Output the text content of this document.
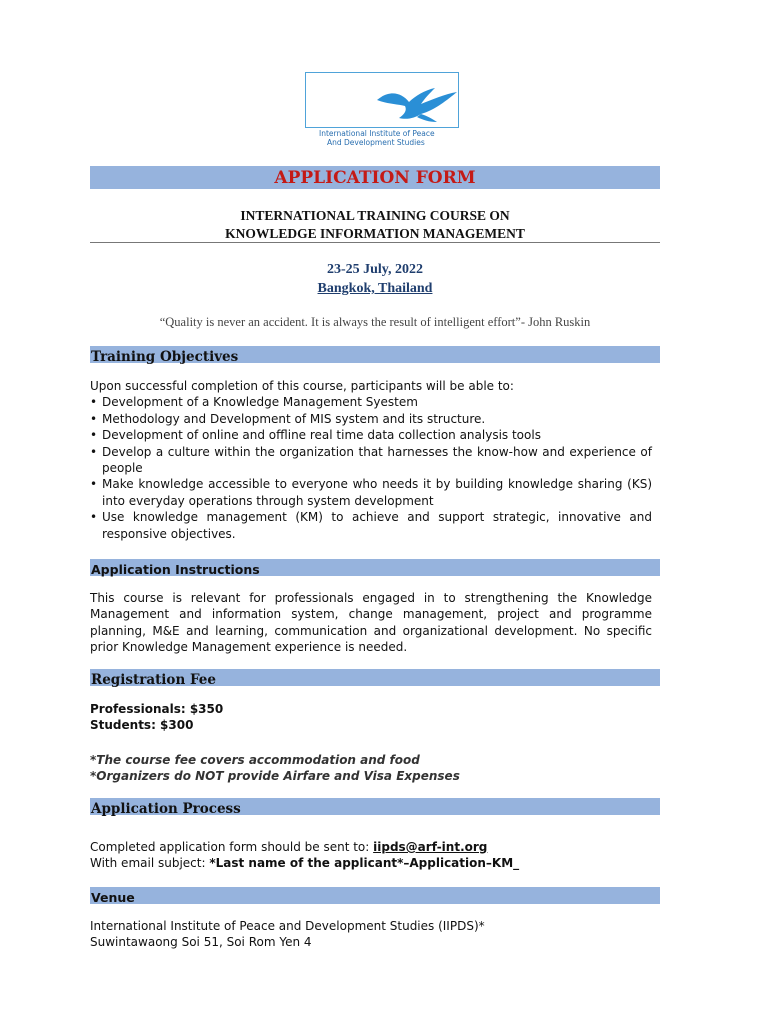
International Institute of Peace
And Development Studies
APPLICATION FORM
INTERNATIONAL TRAINING COURSE ON
KNOWLEDGE INFORMATION MANAGEMENT
23-25 July, 2022
Bangkok, Thailand
“Quality is never an accident. It is always the result of intelligent effort”- John Ruskin
Training Objectives
Upon successful completion of this course, participants will be able to:
• Development of a Knowledge Management Syestem
• Methodology and Development of MIS system and its structure.
• Development of online and offline real time data collection analysis tools
• Develop a culture within the organization that harnesses the know-how and experience of people
• Make knowledge accessible to everyone who needs it by building knowledge sharing (KS) into everyday operations through system development
• Use knowledge management (KM) to achieve and support strategic, innovative and responsive objectives.
Application Instructions
This course is relevant for professionals engaged in to strengthening the Knowledge Management and information system, change management, project and programme planning, M&E and learning, communication and organizational development. No specific prior Knowledge Management experience is needed.
Registration Fee
Professionals: $350
Students: $300
*The course fee covers accommodation and food
*Organizers do NOT provide Airfare and Visa Expenses
Application Process
Completed application form should be sent to: iipds@arf-int.org
With email subject: *Last name of the applicant*–Application–KM_
Venue
International Institute of Peace and Development Studies (IIPDS)*
Suwintawaong Soi 51, Soi Rom Yen 4
